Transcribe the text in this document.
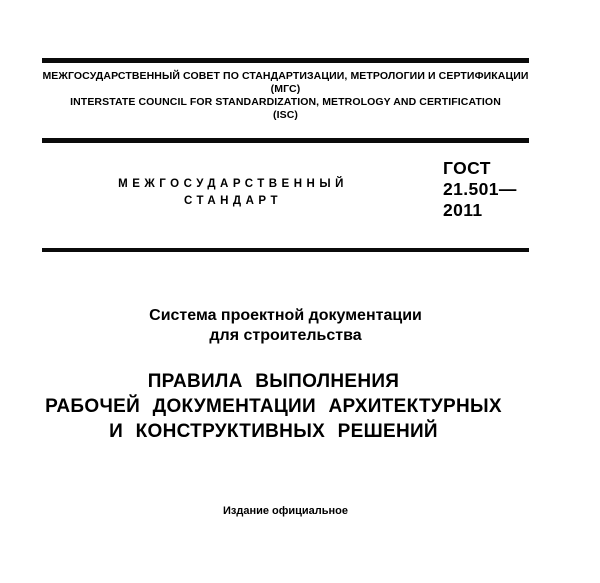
МЕЖГОСУДАРСТВЕННЫЙ СОВЕТ ПО СТАНДАРТИЗАЦИИ, МЕТРОЛОГИИ И СЕРТИФИКАЦИИ
(МГС)
INTERSTATE COUNCIL FOR STANDARDIZATION, METROLOGY AND CERTIFICATION
(ISC)
МЕЖГОСУДАРСТВЕННЫЙ
СТАНДАРТ
ГОСТ
21.501—
2011
Система проектной документации
для строительства
ПРАВИЛА ВЫПОЛНЕНИЯ
РАБОЧЕЙ ДОКУМЕНТАЦИИ АРХИТЕКТУРНЫХ
И КОНСТРУКТИВНЫХ РЕШЕНИЙ
Издание официальное
